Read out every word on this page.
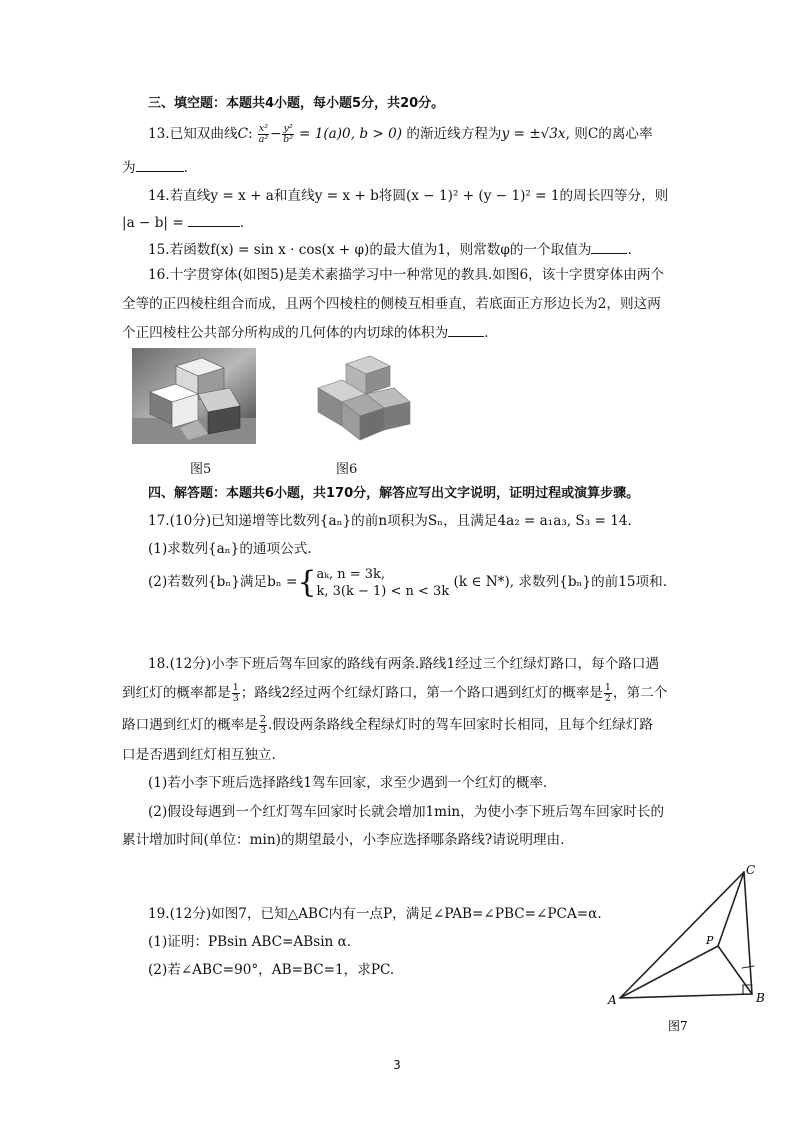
三、填空题：本题共4小题，每小题5分，共20分。
13.已知双曲线C: $\frac{\text{x²}}{\text{a²}} - \frac{\text{y²}}{\text{b²}} = 1(a)0$, b > 0) 的渐近线方程为y = ±√3x, 则C的离心率
为	.
14.若直线y = x + a和直线y = x + b将圆(x − 1)² + (y − 1)² = 1的周长四等分，则
|a − b| =	.
15.若函数f(x) = sin x · cos(x + φ)的最大值为1，则常数φ的一个取值为	.
16.十字贯穿体(如图5)是美术素描学习中一种常见的教具.如图6，该十字贯穿体由两个
全等的正四棱柱组合而成，且两个四棱柱的侧棱互相垂直，若底面正方形边长为2，则这两
个正四棱柱公共部分所构成的几何体的内切球的体积为	.
图5	图6
四、解答题：本题共6小题，共170分，解答应写出文字说明，证明过程或演算步骤。
17.(10分)已知递增等比数列{aₙ}的前n项积为Sₙ，且满足4a₂ = a₁a₃, S₃ = 14.
(1)求数列{aₙ}的通项公式.
(2)若数列{bₙ}满足bₙ ={ aₖ, n = 3k,
k, 3(k − 1) < n < 3k
(k ∈ N*), 求数列{bₙ}的前15项和.
18.(12分)小李下班后驾车回家的路线有两条.路线1经过三个红绿灯路口，每个路口遇
到红灯的概率都是 $\frac{1}{3}$ ；路线2经过两个红绿灯路口，第一个路口遇到红灯的概率是 $\frac{1}{2}$ ，第二个
路口遇到红灯的概率是 $\frac{2}{3}$ .假设两条路线全程绿灯时的驾车回家时长相同，且每个红绿灯路
口是否遇到红灯相互独立.
(1)若小李下班后选择路线1驾车回家，求至少遇到一个红灯的概率.
(2)假设每遇到一个红灯驾车回家时长就会增加1min，为使小李下班后驾车回家时长的
累计增加时间(单位：min)的期望最小，小李应选择哪条路线?请说明理由.
19.(12分)如图7，已知△ABC内有一点P，满足∠PAB=∠PBC=∠PCA=α.
(1)证明：PBsin ABC=ABsin α.
(2)若∠ABC=90°，AB=BC=1，求PC.
A	B
C
P
图7
3
